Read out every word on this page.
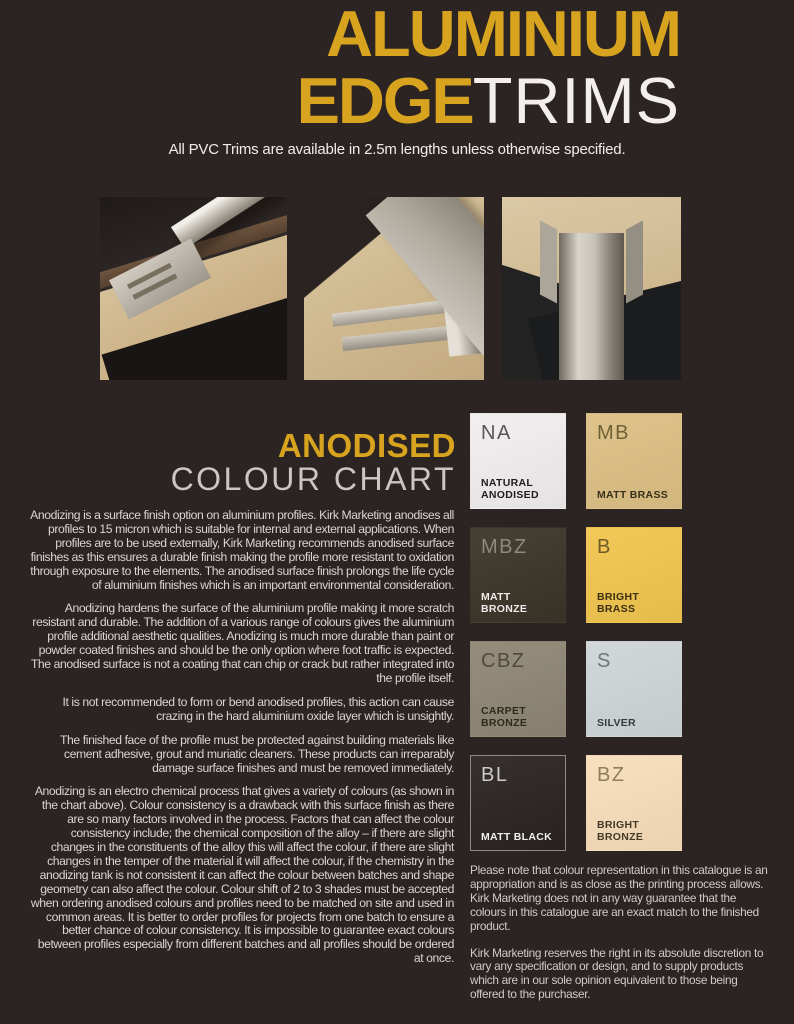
ALUMINIUM
EDGETRIMS
All PVC Trims are available in 2.5m lengths unless otherwise specified.
ANODISED
COLOUR CHART

Anodizing is a surface finish option on aluminium profiles. Kirk Marketing anodises all profiles to 15 micron which is suitable for internal and external applications. When profiles are to be used externally, Kirk Marketing recommends anodised surface finishes as this ensures a durable finish making the profile more resistant to oxidation through exposure to the elements. The anodised surface finish prolongs the life cycle of aluminium finishes which is an important environmental consideration.

Anodizing hardens the surface of the aluminium profile making it more scratch resistant and durable. The addition of a various range of colours gives the aluminium profile additional aesthetic qualities. Anodizing is much more durable than paint or powder coated finishes and should be the only option where foot traffic is expected. The anodised surface is not a coating that can chip or crack but rather integrated into the profile itself.

It is not recommended to form or bend anodised profiles, this action can cause crazing in the hard aluminium oxide layer which is unsightly.

The finished face of the profile must be protected against building materials like cement adhesive, grout and muriatic cleaners. These products can irreparably damage surface finishes and must be removed immediately.

Anodizing is an electro chemical process that gives a variety of colours (as shown in the chart above). Colour consistency is a drawback with this surface finish as there are so many factors involved in the process. Factors that can affect the colour consistency include; the chemical composition of the alloy – if there are slight changes in the constituents of the alloy this will affect the colour, if there are slight changes in the temper of the material it will affect the colour, if the chemistry in the anodizing tank is not consistent it can affect the colour between batches and shape geometry can also affect the colour. Colour shift of 2 to 3 shades must be accepted when ordering anodised colours and profiles need to be matched on site and used in common areas. It is better to order profiles for projects from one batch to ensure a better chance of colour consistency. It is impossible to guarantee exact colours between profiles especially from different batches and all profiles should be ordered at once.

NA
NATURAL ANODISED
MB
MATT BRASS
MBZ
MATT BRONZE
B
BRIGHT BRASS
CBZ
CARPET BRONZE
S
SILVER
BL
MATT BLACK
BZ
BRIGHT BRONZE

Please note that colour representation in this catalogue is an appropriation and is as close as the printing process allows. Kirk Marketing does not in any way guarantee that the colours in this catalogue are an exact match to the finished product.

Kirk Marketing reserves the right in its absolute discretion to vary any specification or design, and to supply products which are in our sole opinion equivalent to those being offered to the purchaser.
